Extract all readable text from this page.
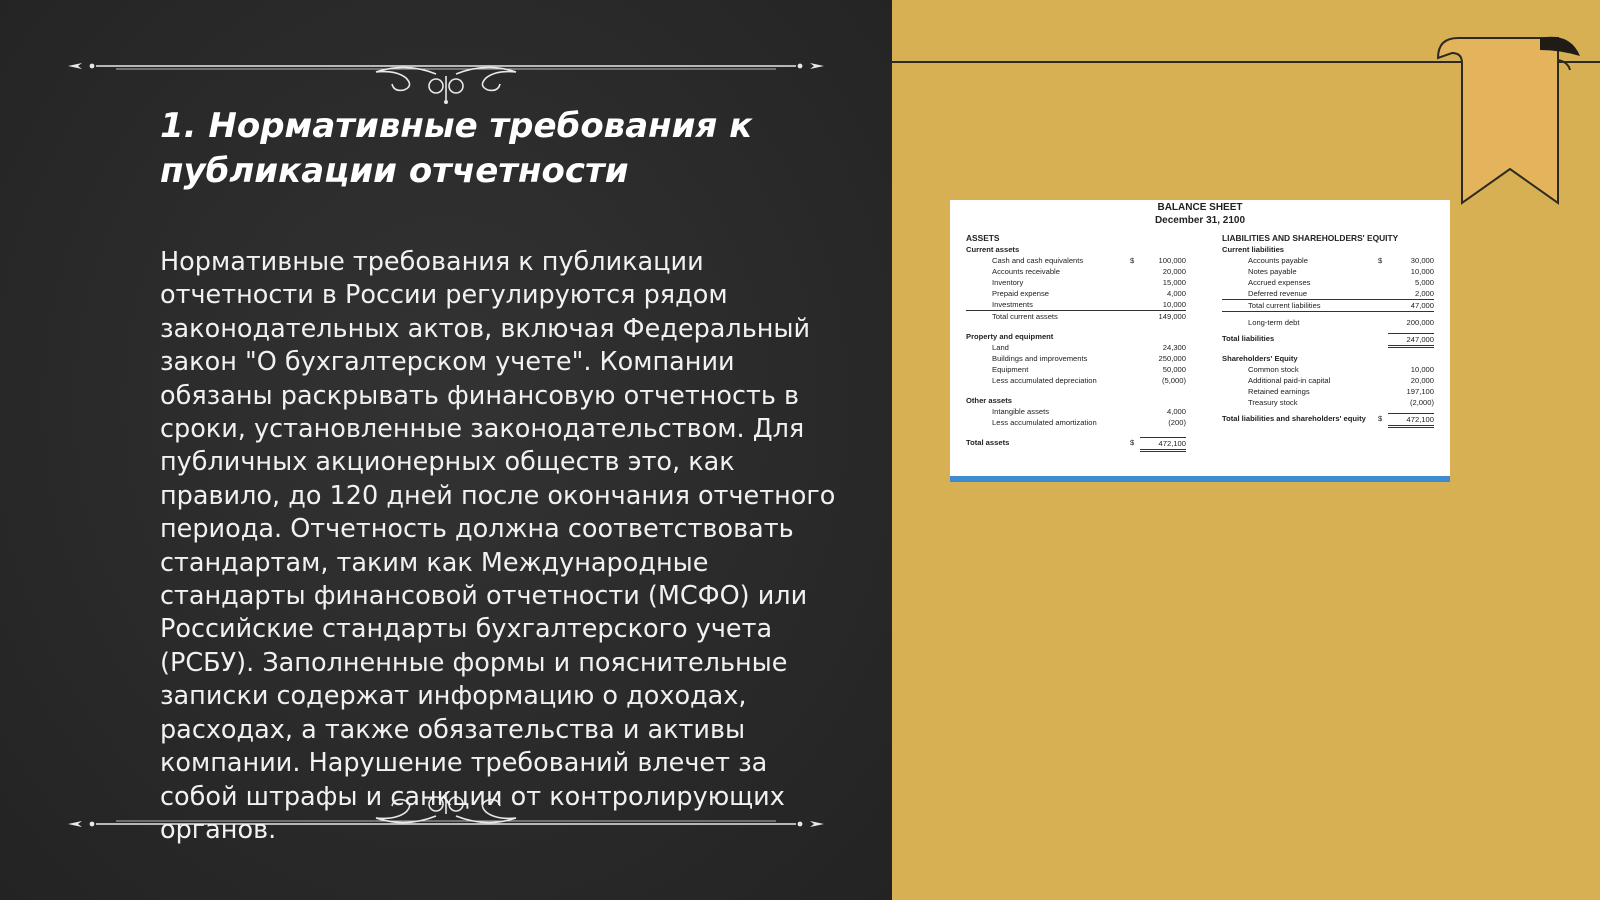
1. Нормативные требования к публикации отчетности

Нормативные требования к публикации отчетности в России регулируются рядом законодательных актов, включая Федеральный закон "О бухгалтерском учете". Компании обязаны раскрывать финансовую отчетность в сроки, установленные законодательством. Для публичных акционерных обществ это, как правило, до 120 дней после окончания отчетного периода. Отчетность должна соответствовать стандартам, таким как Международные стандарты финансовой отчетности (МСФО) или Российские стандарты бухгалтерского учета (РСБУ). Заполненные формы и пояснительные записки содержат информацию о доходах, расходах, а также обязательства и активы компании. Нарушение требований влечет за собой штрафы и санкции от контролирующих органов.

BALANCE SHEET
December 31, 2100
ASSETS
Current assets
Cash and cash equivalents	$	100,000
Accounts receivable	20,000
Inventory	15,000
Prepaid expense	4,000
Investments	10,000
Total current assets	149,000
Property and equipment
Land	24,300
Buildings and improvements	250,000
Equipment	50,000
Less accumulated depreciation	(5,000)
Other assets
Intangible assets	4,000
Less accumulated amortization	(200)
Total assets	$	472,100
LIABILITIES AND SHAREHOLDERS' EQUITY
Current liabilities
Accounts payable	$	30,000
Notes payable	10,000
Accrued expenses	5,000
Deferred revenue	2,000
Total current liabilities	47,000
Long-term debt	200,000
Total liabilities	247,000
Shareholders' Equity
Common stock	10,000
Additional paid-in capital	20,000
Retained earnings	197,100
Treasury stock	(2,000)
Total liabilities and shareholders' equity	$	472,100
